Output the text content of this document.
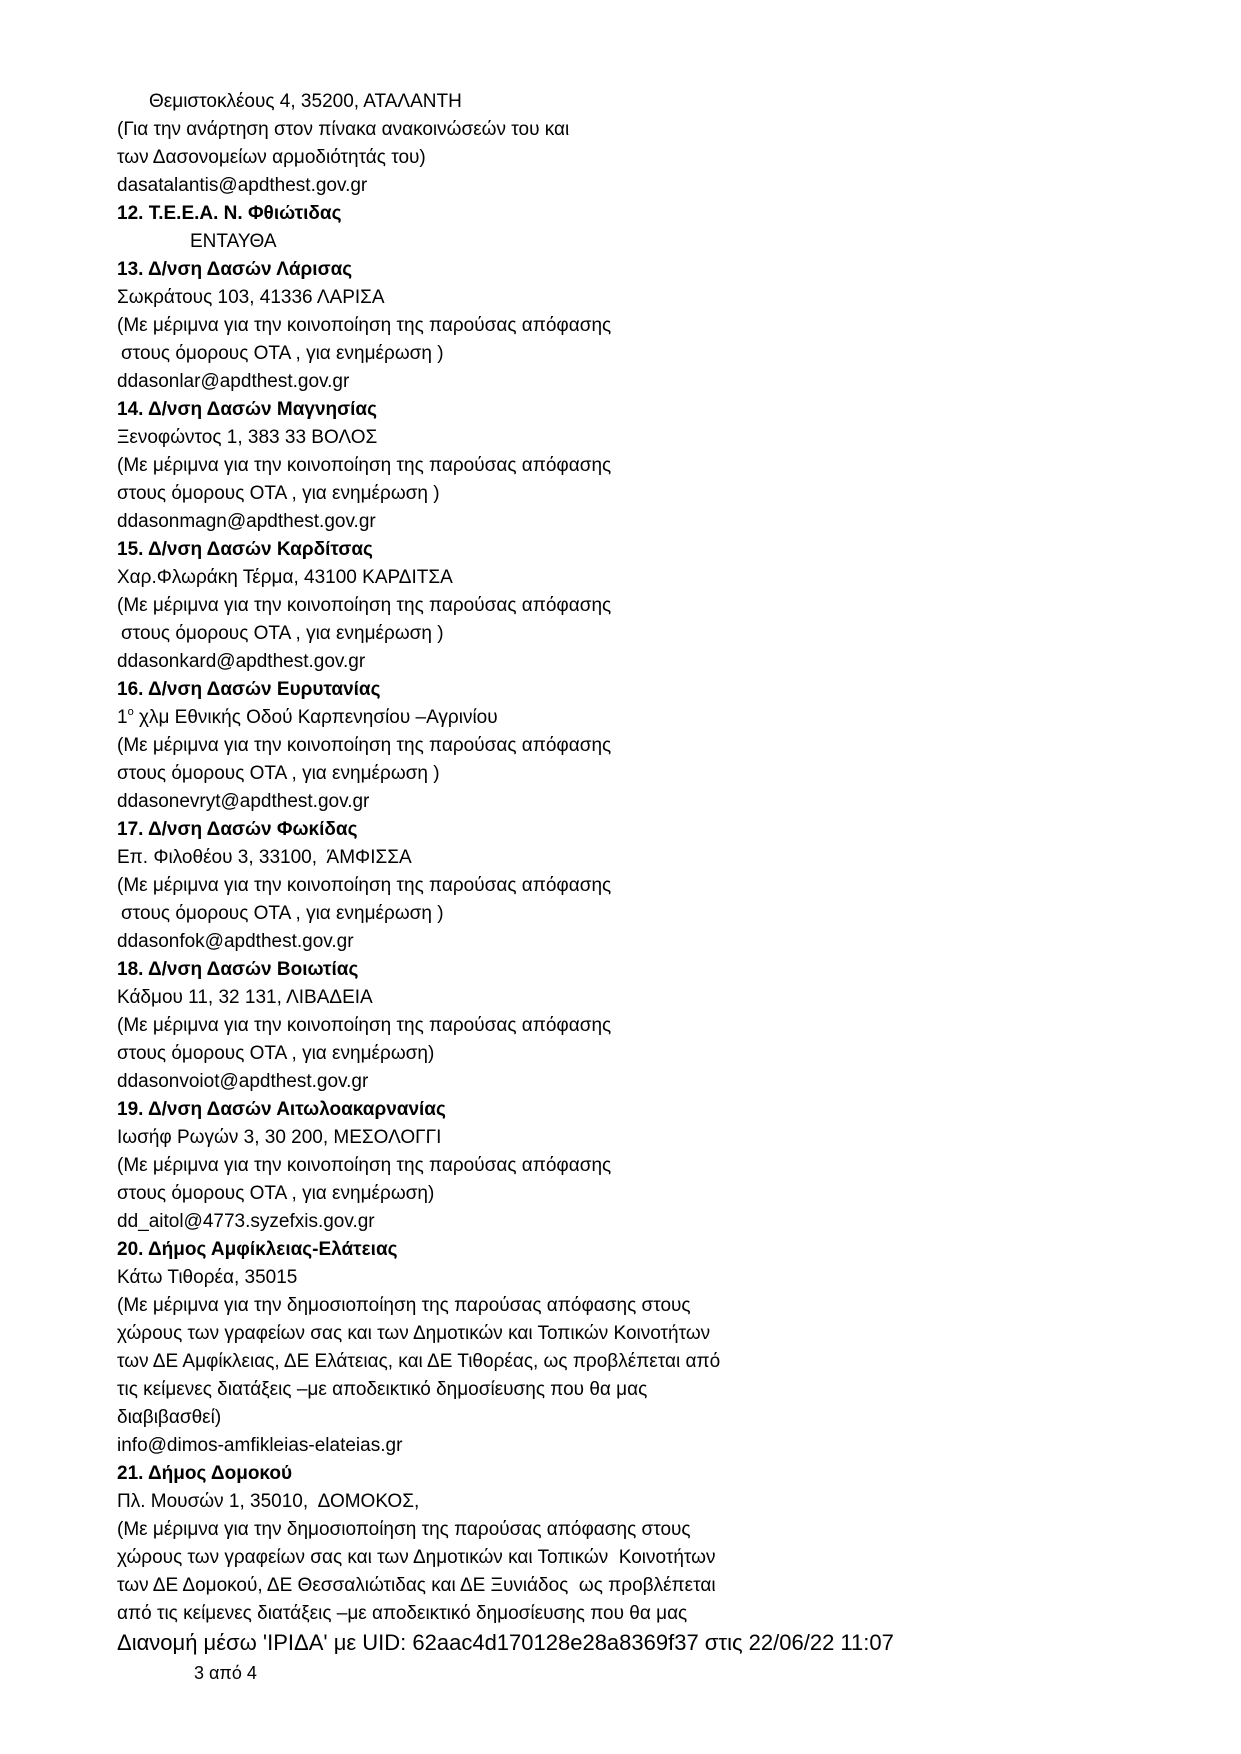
Θεμιστοκλέους 4, 35200, ΑΤΑΛΑΝΤΗ
(Για την ανάρτηση στον πίνακα ανακοινώσεών του και
των Δασονομείων αρμοδιότητάς του)
dasatalantis@apdthest.gov.gr
12. Τ.Ε.Ε.Α. Ν. Φθιώτιδας
ΕΝΤΑΥΘΑ
13. Δ/νση Δασών Λάρισας
Σωκράτους 103, 41336 ΛΑΡΙΣΑ
(Με μέριμνα για την κοινοποίηση της παρούσας απόφασης
στους όμορους ΟΤΑ , για ενημέρωση )
ddasonlar@apdthest.gov.gr
14. Δ/νση Δασών Μαγνησίας
Ξενοφώντος 1, 383 33 ΒΟΛΟΣ
(Με μέριμνα για την κοινοποίηση της παρούσας απόφασης
στους όμορους ΟΤΑ , για ενημέρωση )
ddasonmagn@apdthest.gov.gr
15. Δ/νση Δασών Καρδίτσας
Χαρ.Φλωράκη Τέρμα, 43100 ΚΑΡΔΙΤΣΑ
(Με μέριμνα για την κοινοποίηση της παρούσας απόφασης
στους όμορους ΟΤΑ , για ενημέρωση )
ddasonkard@apdthest.gov.gr
16. Δ/νση Δασών Ευρυτανίας
$1^o$ χλμ Εθνικής Οδού Καρπενησίου –Αγρινίου
(Με μέριμνα για την κοινοποίηση της παρούσας απόφασης
στους όμορους ΟΤΑ , για ενημέρωση )
ddasonevryt@apdthest.gov.gr
17. Δ/νση Δασών Φωκίδας
Επ. Φιλοθέου 3, 33100,  ΆΜΦΙΣΣΑ
(Με μέριμνα για την κοινοποίηση της παρούσας απόφασης
στους όμορους ΟΤΑ , για ενημέρωση )
ddasonfok@apdthest.gov.gr
18. Δ/νση Δασών Βοιωτίας
Κάδμου 11, 32 131, ΛΙΒΑΔΕΙΑ
(Με μέριμνα για την κοινοποίηση της παρούσας απόφασης
στους όμορους ΟΤΑ , για ενημέρωση)
ddasonvoiot@apdthest.gov.gr
19. Δ/νση Δασών Αιτωλοακαρνανίας
Ιωσήφ Ρωγών 3, 30 200, ΜΕΣΟΛΟΓΓΙ
(Με μέριμνα για την κοινοποίηση της παρούσας απόφασης
στους όμορους ΟΤΑ , για ενημέρωση)
dd_aitol@4773.syzefxis.gov.gr
20. Δήμος Αμφίκλειας-Ελάτειας
Κάτω Τιθορέα, 35015
(Με μέριμνα για την δημοσιοποίηση της παρούσας απόφασης στους
χώρους των γραφείων σας και των Δημοτικών και Τοπικών Κοινοτήτων
των ΔΕ Αμφίκλειας, ΔΕ Ελάτειας, και ΔΕ Τιθορέας, ως προβλέπεται από
τις κείμενες διατάξεις –με αποδεικτικό δημοσίευσης που θα μας
διαβιβασθεί)
info@dimos-amfikleias-elateias.gr
21. Δήμος Δομοκού
Πλ. Μουσών 1, 35010,  ΔΟΜΟΚΟΣ,
(Με μέριμνα για την δημοσιοποίηση της παρούσας απόφασης στους
χώρους των γραφείων σας και των Δημοτικών και Τοπικών  Κοινοτήτων
των ΔΕ Δομοκού, ΔΕ Θεσσαλιώτιδας και ΔΕ Ξυνιάδος  ως προβλέπεται
από τις κείμενες διατάξεις –με αποδεικτικό δημοσίευσης που θα μας
Διανομή μέσω 'ΙΡΙΔΑ' με UID: 62aac4d170128e28a8369f37 στις 22/06/22 11:07
3 από 4
